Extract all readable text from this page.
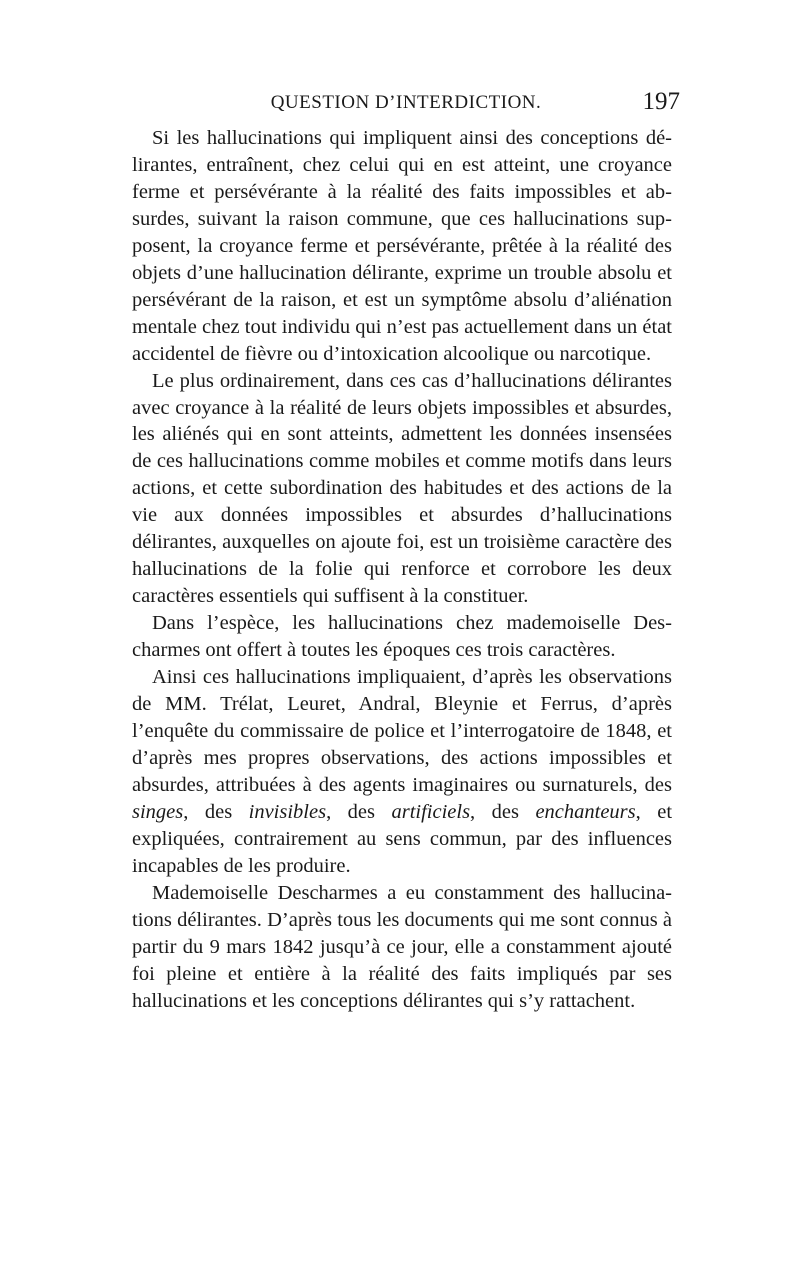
QUESTION D’INTERDICTION.	197

Si les hallucinations qui impliquent ainsi des conceptions délirantes, entraînent, chez celui qui en est atteint, une croyance ferme et persévérante à la réalité des faits impossibles et absurdes, suivant la raison commune, que ces hallucinations supposent, la croyance ferme et persévérante, prêtée à la réalité des objets d’une hallucination délirante, exprime un trouble absolu et persévérant de la raison, et est un symptôme absolu d’aliénation mentale chez tout individu qui n’est pas actuellement dans un état accidentel de fièvre ou d’intoxication alcoolique ou narcotique.

Le plus ordinairement, dans ces cas d’hallucinations délirantes avec croyance à la réalité de leurs objets impossibles et absurdes, les aliénés qui en sont atteints, admettent les données insensées de ces hallucinations comme mobiles et comme motifs dans leurs actions, et cette subordination des habitudes et des actions de la vie aux données impossibles et absurdes d’hallucinations délirantes, auxquelles on ajoute foi, est un troisième caractère des hallucinations de la folie qui renforce et corrobore les deux caractères essentiels qui suffisent à la constituer.

Dans l’espèce, les hallucinations chez mademoiselle Descharmes ont offert à toutes les époques ces trois caractères.

Ainsi ces hallucinations impliquaient, d’après les observations de MM. Trélat, Leuret, Andral, Bleynie et Ferrus, d’après l’enquête du commissaire de police et l’interrogatoire de 1848, et d’après mes propres observations, des actions impossibles et absurdes, attribuées à des agents imaginaires ou surnaturels, des singes, des invisibles, des artificiels, des enchanteurs, et expliquées, contrairement au sens commun, par des influences incapables de les produire.

Mademoiselle Descharmes a eu constamment des hallucinations délirantes. D’après tous les documents qui me sont connus à partir du 9 mars 1842 jusqu’à ce jour, elle a constamment ajouté foi pleine et entière à la réalité des faits impliqués par ses hallucinations et les conceptions délirantes qui s’y rattachent.
